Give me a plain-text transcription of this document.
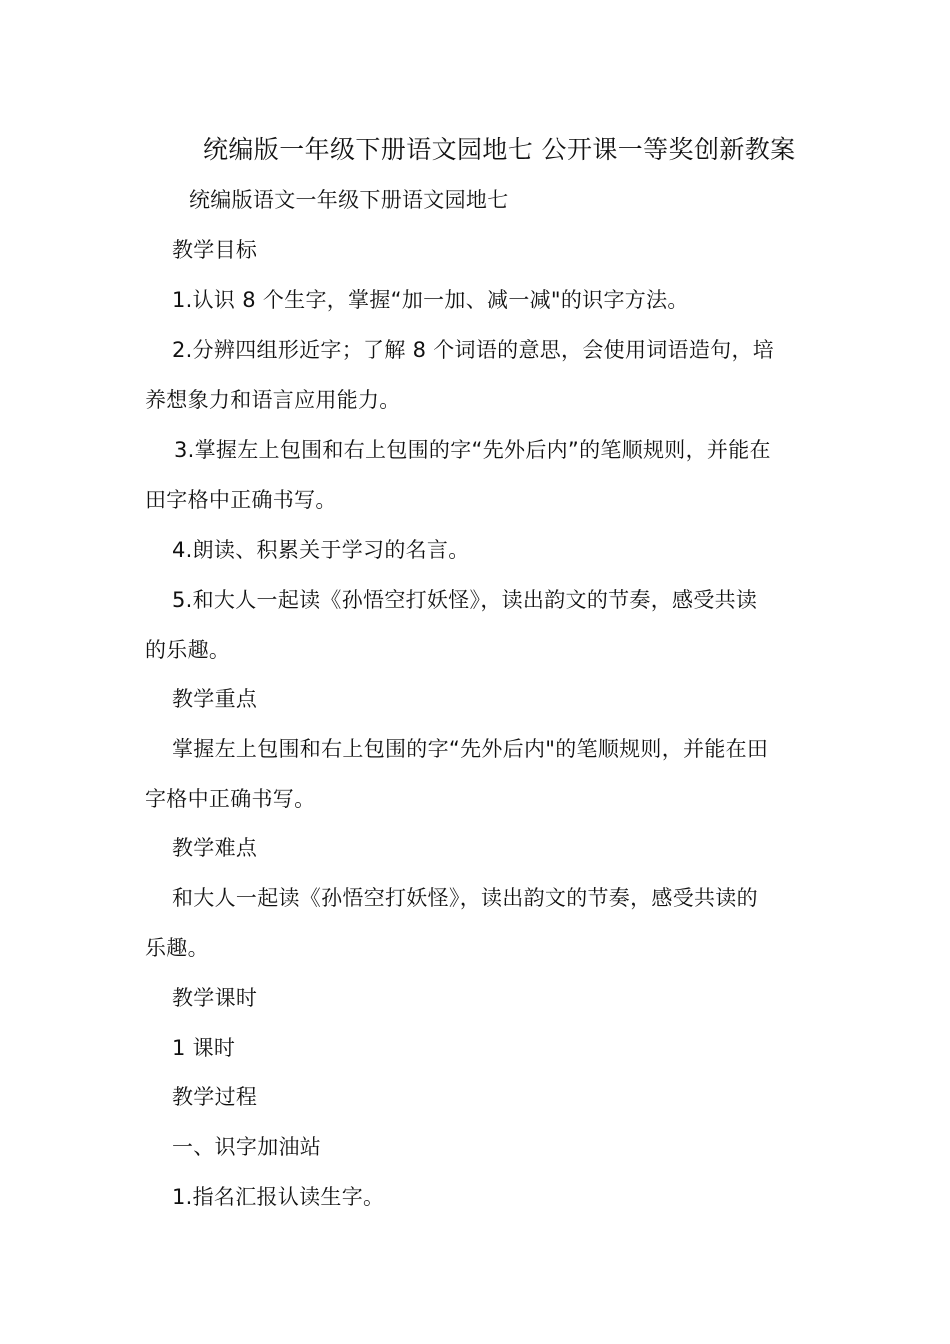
统编版一年级下册语文园地七 公开课一等奖创新教案
统编版语文一年级下册语文园地七
教学目标
1.认识 8 个生字，掌握“加一加、减一减"的识字方法。
2.分辨四组形近字；了解 8 个词语的意思，会使用词语造句，培
养想象力和语言应用能力。
3.掌握左上包围和右上包围的字“先外后内”的笔顺规则，并能在
田字格中正确书写。
4.朗读、积累关于学习的名言。
5.和大人一起读《孙悟空打妖怪》，读出韵文的节奏，感受共读
的乐趣。
教学重点
掌握左上包围和右上包围的字“先外后内"的笔顺规则，并能在田
字格中正确书写。
教学难点
和大人一起读《孙悟空打妖怪》，读出韵文的节奏，感受共读的
乐趣。
教学课时
1 课时
教学过程
一、识字加油站
1.指名汇报认读生字。
